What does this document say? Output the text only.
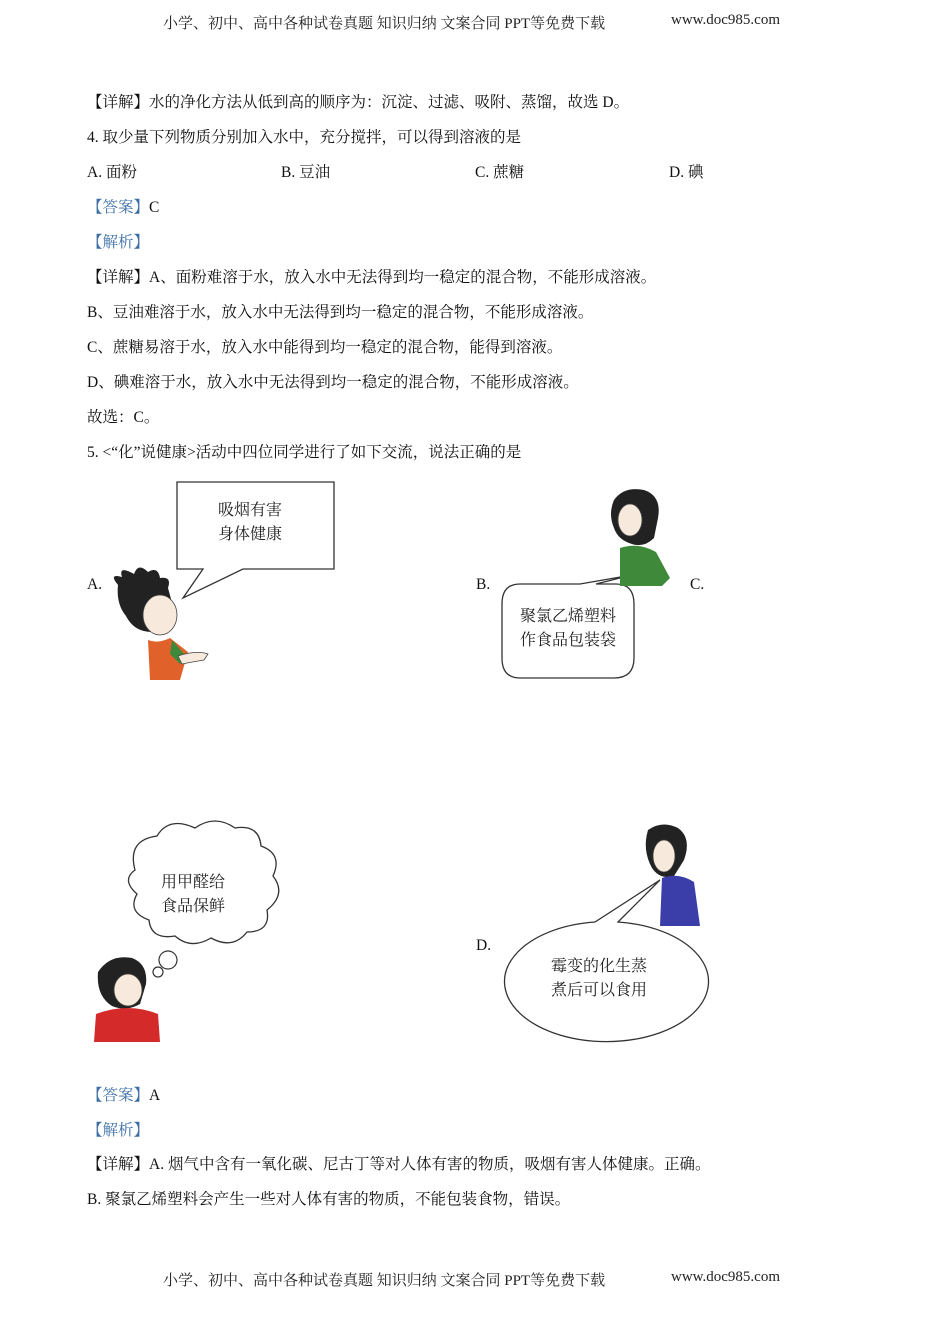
小学、初中、高中各种试卷真题 知识归纳 文案合同 PPT等免费下载	www.doc985.com
【详解】水的净化方法从低到高的顺序为：沉淀、过滤、吸附、蒸馏，故选 D。
4. 取少量下列物质分别加入水中，充分搅拌，可以得到溶液的是
A. 面粉	B. 豆油	C. 蔗糖	D. 碘
【答案】C
【解析】
【详解】A、面粉难溶于水，放入水中无法得到均一稳定的混合物，不能形成溶液。
B、豆油难溶于水，放入水中无法得到均一稳定的混合物，不能形成溶液。
C、蔗糖易溶于水，放入水中能得到均一稳定的混合物，能得到溶液。
D、碘难溶于水，放入水中无法得到均一稳定的混合物，不能形成溶液。
故选：C。
5. <“化”说健康>活动中四位同学进行了如下交流，说法正确的是
A.
吸烟有害
身体健康
B.
聚氯乙烯塑料
作食品包装袋
C.
用甲醛给
食品保鲜
D.
霉变的化生蒸
煮后可以食用
【答案】A
【解析】
【详解】A. 烟气中含有一氧化碳、尼古丁等对人体有害的物质，吸烟有害人体健康。正确。
B. 聚氯乙烯塑料会产生一些对人体有害的物质，不能包装食物，错误。
小学、初中、高中各种试卷真题 知识归纳 文案合同 PPT等免费下载	www.doc985.com
